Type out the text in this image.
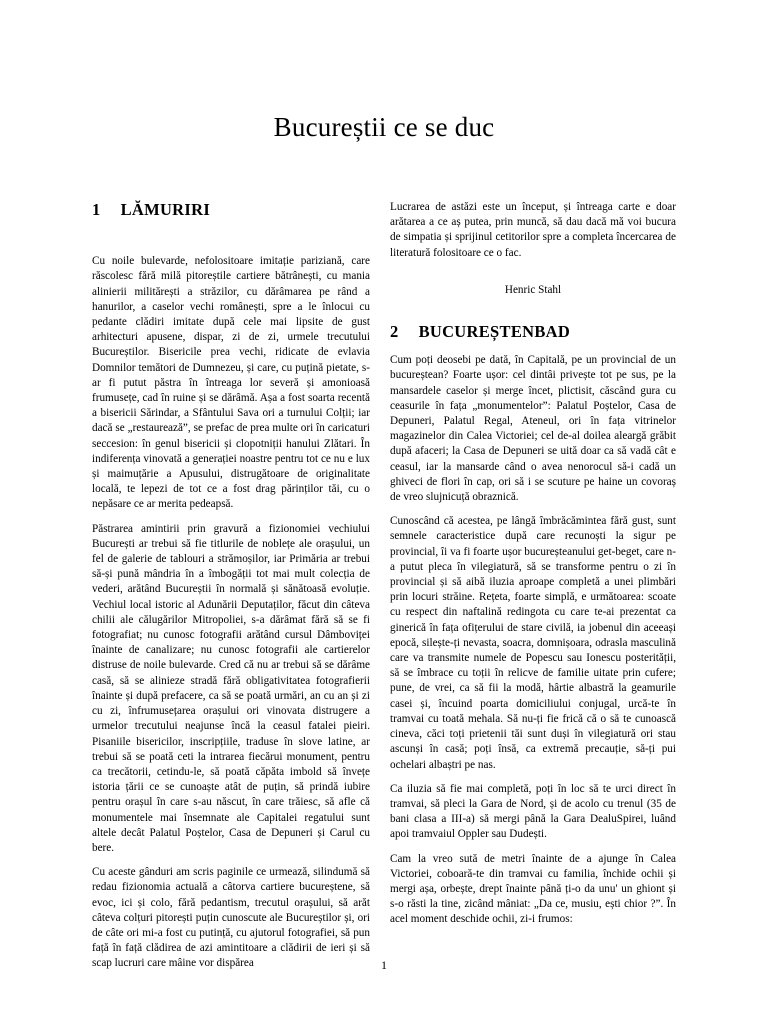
Bucureștii ce se duc
1 LĂMURIRI

Cu noile bulevarde, nefolositoare imitație pariziană, care răscolesc fără milă pitoreștile cartiere bătrânești, cu mania alinierii militărești a străzilor, cu dărâmarea pe rând a hanurilor, a caselor vechi românești, spre a le înlocui cu pedante clădiri imitate după cele mai lipsite de gust arhitecturi apusene, dispar, zi de zi, urmele trecutului Bucureștilor. Bisericile prea vechi, ridicate de evlavia Domnilor temători de Dumnezeu, și care, cu puțină pietate, s-ar fi putut păstra în întreaga lor severă și amonioasă frumusețe, cad în ruine și se dărâmă. Așa a fost soarta recentă a bisericii Sărindar, a Sfântului Sava ori a turnului Colții; iar dacă se „restaurează”, se prefac de prea multe ori în caricaturi seccesion: în genul bisericii și clopotniții hanului Zlătari. În indiferența vinovată a generației noastre pentru tot ce nu e lux și maimuțărie a Apusului, distrugătoare de originalitate locală, te lepezi de tot ce a fost drag părinților tăi, cu o nepăsare ce ar merita pedeapsă.

Păstrarea amintirii prin gravură a fizionomiei vechiului București ar trebui să fie titlurile de noblețe ale orașului, un fel de galerie de tablouri a strămoșilor, iar Primăria ar trebui să-și pună mândria în a îmbogății tot mai mult colecția de vederi, arătând Bucureștii în normală și sănătoasă evoluție. Vechiul local istoric al Adunării Deputaților, făcut din câteva chilii ale călugărilor Mitropoliei, s-a dărâmat fără să se fi fotografiat; nu cunosc fotografii arătând cursul Dâmboviței înainte de canalizare; nu cunosc fotografii ale cartierelor distruse de noile bulevarde. Cred că nu ar trebui să se dărâme casă, să se alinieze stradă fără obligativitatea fotografierii înainte și după prefacere, ca să se poată urmări, an cu an și zi cu zi, înfrumusețarea orașului ori vinovata distrugere a urmelor trecutului neajunse încă la ceasul fatalei pieiri. Pisaniile bisericilor, inscripțiile, traduse în slove latine, ar trebui să se poată ceti la intrarea fiecărui monument, pentru ca trecătorii, cetindu-le, să poată căpăta imbold să învețe istoria țării ce se cunoaște atât de puțin, să prindă iubire pentru orașul în care s-au născut, în care trăiesc, să afle că monumentele mai însemnate ale Capitalei regatului sunt altele decât Palatul Poștelor, Casa de Depuneri și Carul cu bere.

Cu aceste gânduri am scris paginile ce urmează, silindumă să redau fizionomia actuală a câtorva cartiere bucureștene, să evoc, ici și colo, fără pedantism, trecutul orașului, să arăt câteva colțuri pitorești puțin cunoscute ale Bucureștilor și, ori de câte ori mi-a fost cu putință, cu ajutorul fotografiei, să pun față în față clădirea de azi amintitoare a clădirii de ieri și să scap lucruri care mâine vor dispărea

Lucrarea de astăzi este un început, și întreaga carte e doar arătarea a ce aș putea, prin muncă, să dau dacă mă voi bucura de simpatia și sprijinul cetitorilor spre a completa încercarea de literatură folositoare ce o fac.

Henric Stahl
2 BUCUREȘTENBAD

Cum poți deosebi pe dată, în Capitală, pe un provincial de un bucureștean? Foarte ușor: cel dintâi privește tot pe sus, pe la mansardele caselor și merge încet, plictisit, căscând gura cu ceasurile în fața „monumentelor”: Palatul Poștelor, Casa de Depuneri, Palatul Regal, Ateneul, ori în fața vitrinelor magazinelor din Calea Victoriei; cel de-al doilea aleargă grăbit după afaceri; la Casa de Depuneri se uită doar ca să vadă cât e ceasul, iar la mansarde când o avea nenorocul să-i cadă un ghiveci de flori în cap, ori să i se scuture pe haine un covoraș de vreo slujnicuță obraznică.

Cunoscând că acestea, pe lângă îmbrăcămintea fără gust, sunt semnele caracteristice după care recunoști la sigur pe provincial, îi va fi foarte ușor bucureșteanului get-beget, care n-a putut pleca în vilegiatură, să se transforme pentru o zi în provincial și să aibă iluzia aproape completă a unei plimbări prin locuri străine. Rețeta, foarte simplă, e următoarea: scoate cu respect din naftalină redingota cu care te-ai prezentat ca ginerică în fața ofițerului de stare civilă, ia jobenul din aceeași epocă, silește-ți nevasta, soacra, domnișoara, odrasla masculină care va transmite numele de Popescu sau Ionescu posterității, să se îmbrace cu toții în relicve de familie uitate prin cufere; pune, de vrei, ca să fii la modă, hârtie albastră la geamurile casei și, încuind poarta domiciliului conjugal, urcă-te în tramvai cu toată mehala. Să nu-ți fie frică că o să te cunoască cineva, căci toți prietenii tăi sunt duși în vilegiatură ori stau ascunși în casă; poți însă, ca extremă precauție, să-ți pui ochelari albaștri pe nas.

Ca iluzia să fie mai completă, poți în loc să te urci direct în tramvai, să pleci la Gara de Nord, și de acolo cu trenul (35 de bani clasa a III-a) să mergi până la Gara DealuSpirei, luând apoi tramvaiul Oppler sau Dudești.

Cam la vreo sută de metri înainte de a ajunge în Calea Victoriei, coboară-te din tramvai cu familia, închide ochii și mergi așa, orbește, drept înainte până ți-o da unu' un ghiont și s-o răsti la tine, zicând mâniat: „Da ce, musiu, ești chior ?”. În acel moment deschide ochii, zi-i frumos:

1
